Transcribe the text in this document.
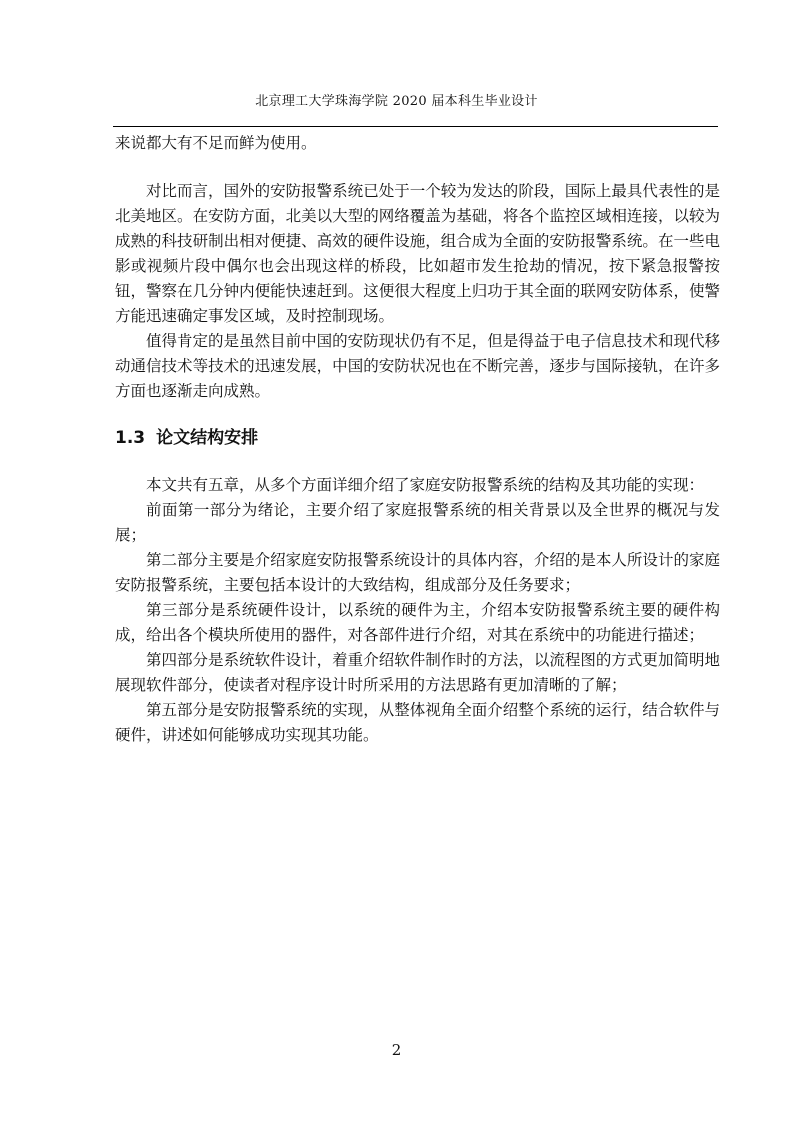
北京理工大学珠海学院 2020 届本科生毕业设计

来说都大有不足而鲜为使用。

对比而言，国外的安防报警系统已处于一个较为发达的阶段，国际上最具代表性的是北美地区。在安防方面，北美以大型的网络覆盖为基础，将各个监控区域相连接，以较为成熟的科技研制出相对便捷、高效的硬件设施，组合成为全面的安防报警系统。在一些电影或视频片段中偶尔也会出现这样的桥段，比如超市发生抢劫的情况，按下紧急报警按钮，警察在几分钟内便能快速赶到。这便很大程度上归功于其全面的联网安防体系，使警方能迅速确定事发区域，及时控制现场。

值得肯定的是虽然目前中国的安防现状仍有不足，但是得益于电子信息技术和现代移动通信技术等技术的迅速发展，中国的安防状况也在不断完善，逐步与国际接轨，在许多方面也逐渐走向成熟。

1.3 论文结构安排

本文共有五章，从多个方面详细介绍了家庭安防报警系统的结构及其功能的实现：

前面第一部分为绪论，主要介绍了家庭报警系统的相关背景以及全世界的概况与发展；

第二部分主要是介绍家庭安防报警系统设计的具体内容，介绍的是本人所设计的家庭安防报警系统，主要包括本设计的大致结构，组成部分及任务要求；

第三部分是系统硬件设计，以系统的硬件为主，介绍本安防报警系统主要的硬件构成，给出各个模块所使用的器件，对各部件进行介绍，对其在系统中的功能进行描述；

第四部分是系统软件设计，着重介绍软件制作时的方法，以流程图的方式更加简明地展现软件部分，使读者对程序设计时所采用的方法思路有更加清晰的了解；

第五部分是安防报警系统的实现，从整体视角全面介绍整个系统的运行，结合软件与硬件，讲述如何能够成功实现其功能。

2
